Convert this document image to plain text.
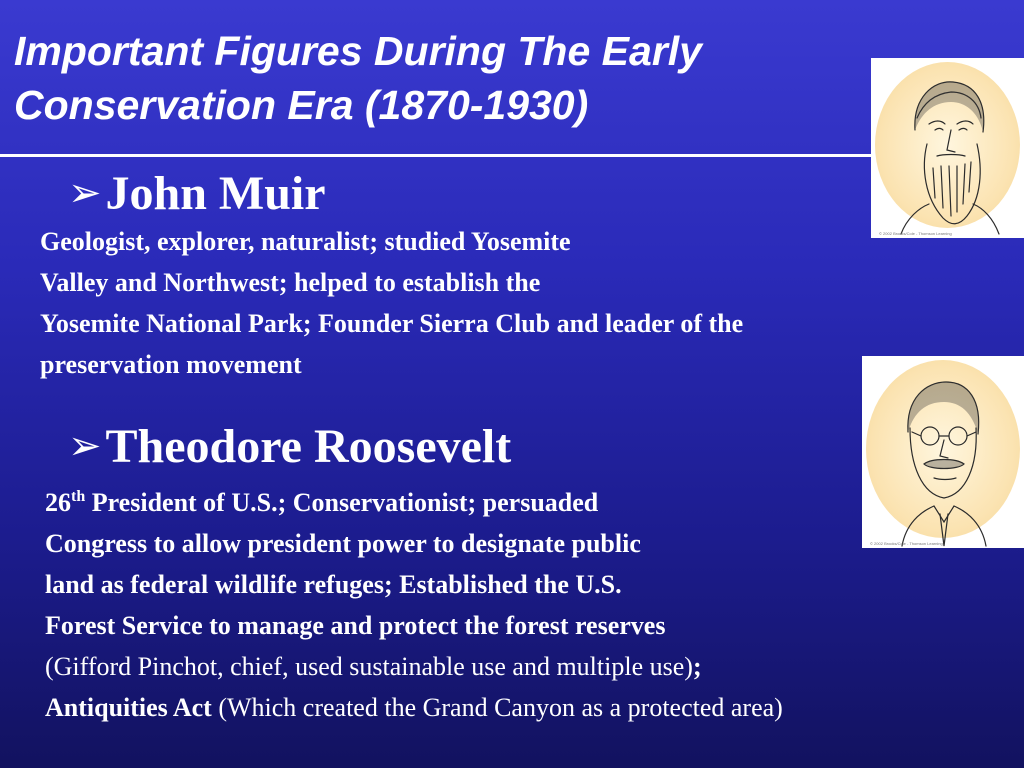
Important Figures During The Early
Conservation Era (1870-1930)
© 2002 Brooks/Cole - Thomson Learning
© 2002 Brooks/Cole - Thomson Learning
➢John Muir

Geologist, explorer, naturalist; studied Yosemite
Valley and Northwest; helped to establish the
Yosemite National Park; Founder Sierra Club and leader of the
preservation movement

➢Theodore Roosevelt

26th President of U.S.; Conservationist; persuaded
Congress to allow president power to designate public
land as federal wildlife refuges; Established the U.S.
Forest Service to manage and protect the forest reserves
(Gifford Pinchot, chief, used sustainable use and multiple use);
Antiquities Act (Which created the Grand Canyon as a protected area)
